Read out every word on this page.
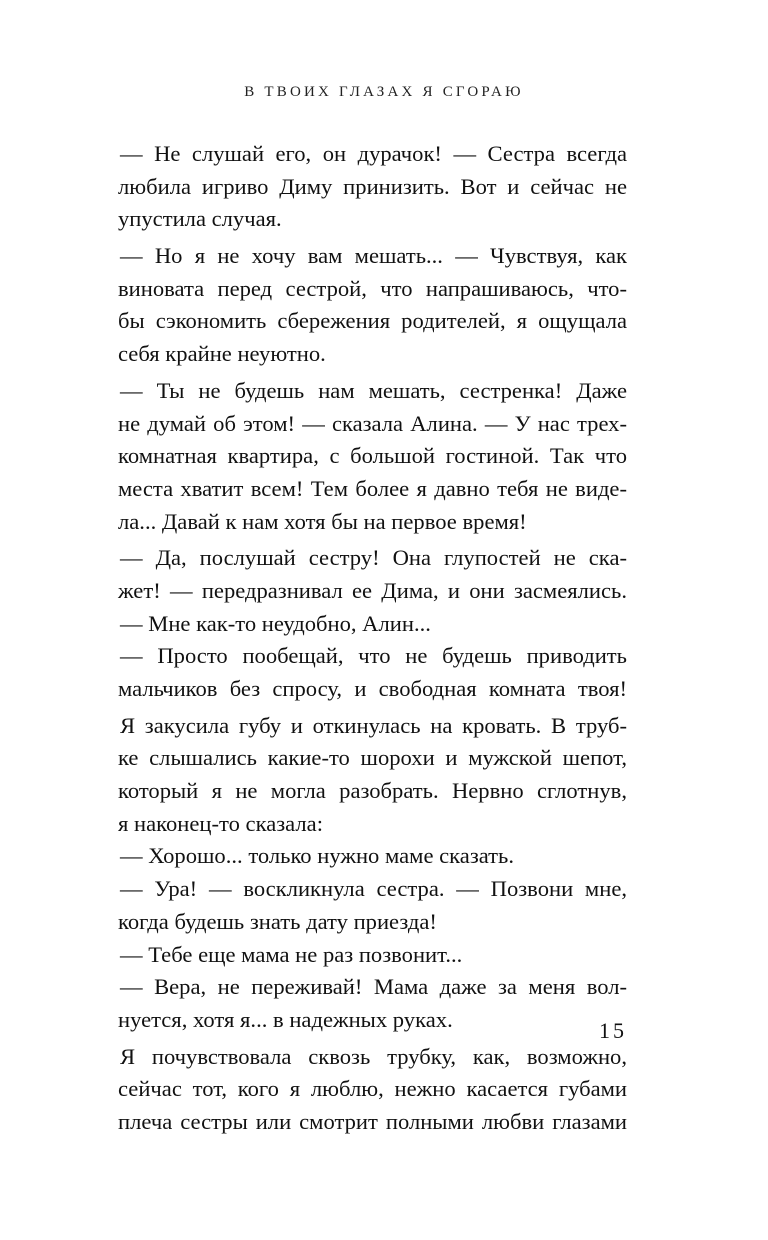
В ТВОИХ ГЛАЗАХ Я СГОРАЮ
— Не слушай его, он дурачок! — Сестра всегда
любила игриво Диму принизить. Вот и сейчас не
упустила случая.
— Но я не хочу вам мешать... — Чувствуя, как
виновата перед сестрой, что напрашиваюсь, что-
бы сэкономить сбережения родителей, я ощущала
себя крайне неуютно.
— Ты не будешь нам мешать, сестренка! Даже
не думай об этом! — сказала Алина. — У нас трех-
комнатная квартира, с большой гостиной. Так что
места хватит всем! Тем более я давно тебя не виде-
ла... Давай к нам хотя бы на первое время!
— Да, послушай сестру! Она глупостей не ска-
жет! — передразнивал ее Дима, и они засмеялись.
— Мне как-то неудобно, Алин...
— Просто пообещай, что не будешь приводить
мальчиков без спросу, и свободная комната твоя!
Я закусила губу и откинулась на кровать. В труб-
ке слышались какие-то шорохи и мужской шепот,
который я не могла разобрать. Нервно сглотнув,
я наконец-то сказала:
— Хорошо... только нужно маме сказать.
— Ура! — воскликнула сестра. — Позвони мне,
когда будешь знать дату приезда!
— Тебе еще мама не раз позвонит...
— Вера, не переживай! Мама даже за меня вол-
нуется, хотя я... в надежных руках.
Я почувствовала сквозь трубку, как, возможно,
сейчас тот, кого я люблю, нежно касается губами
плеча сестры или смотрит полными любви глазами
15
